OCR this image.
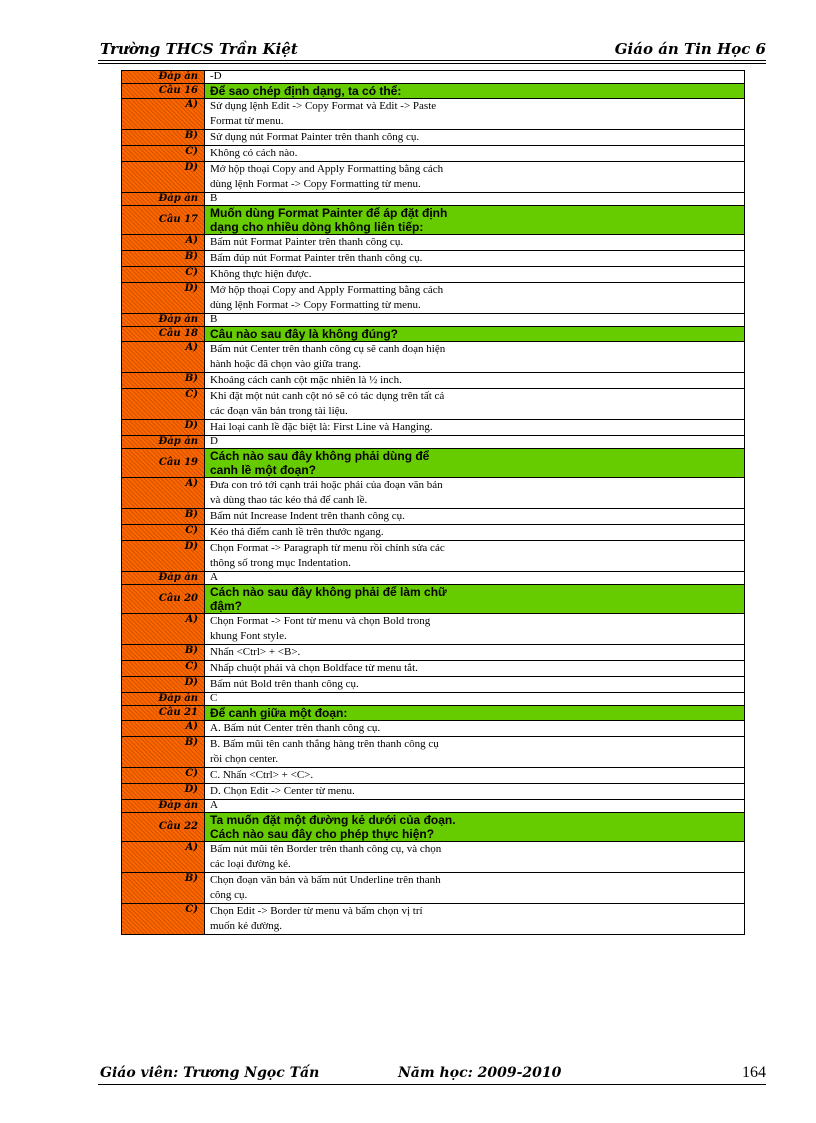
Trường THCS Trần Kiệt	Giáo án Tin Học 6
Đáp án	-D
Câu 16	Để sao chép định dạng, ta có thể:

A)	Sử dụng lệnh Edit -> Copy Format và Edit -> Paste Format từ menu.

B)	Sử dụng nút Format Painter trên thanh công cụ.

C)	Không có cách nào.

D)	Mở hộp thoại Copy and Apply Formatting bằng cách dùng lệnh Format -> Copy Formatting từ menu.

Đáp án	B
Câu 17	Muốn dùng Format Painter để áp đặt định dạng cho nhiều dòng không liên tiếp:

A)	Bấm nút Format Painter trên thanh công cụ.

B)	Bấm đúp nút Format Painter trên thanh công cụ.

C)	Không thực hiện được.

D)	Mở hộp thoại Copy and Apply Formatting bằng cách dùng lệnh Format -> Copy Formatting từ menu.

Đáp án	B
Câu 18	Câu nào sau đây là không đúng?

A)	Bấm nút Center trên thanh công cụ sẽ canh đoạn hiện hành hoặc đã chọn vào giữa trang.

B)	Khoảng cách canh cột mặc nhiên là ½ inch.

C)	Khi đặt một nút canh cột nó sẽ có tác dụng trên tất cả các đoạn văn bản trong tài liệu.

D)	Hai loại canh lề đặc biệt là: First Line và Hanging.

Đáp án	D
Câu 19	Cách nào sau đây không phải dùng để canh lề một đoạn?

A)	Đưa con trỏ tới cạnh trái hoặc phải của đoạn văn bản và dùng thao tác kéo thả để canh lề.

B)	Bấm nút Increase Indent trên thanh công cụ.

C)	Kéo thả điểm canh lề trên thước ngang.

D)	Chọn Format -> Paragraph từ menu rồi chỉnh sửa các thông số trong mục Indentation.

Đáp án	A
Câu 20	Cách nào sau đây không phải để làm chữ đậm?

A)	Chọn Format -> Font từ menu và chọn Bold trong khung Font style.

B)	Nhấn <Ctrl> + <B>.

C)	Nhấp chuột phải và chọn Boldface từ menu tắt.

D)	Bấm nút Bold trên thanh công cụ.

Đáp án	C
Câu 21	Để canh giữa một đoạn:

A)	A. Bấm nút Center trên thanh công cụ.

B)	B. Bấm mũi tên canh thẳng hàng trên thanh công cụ rồi chọn center.

C)	C. Nhấn <Ctrl> + <C>.

D)	D. Chọn Edit -> Center từ menu.

Đáp án	A
Câu 22	Ta muốn đặt một đường kẻ dưới của đoạn. Cách nào sau đây cho phép thực hiện?

A)	Bấm nút mũi tên Border trên thanh công cụ, và chọn các loại đường kẻ.

B)	Chọn đoạn văn bản và bấm nút Underline trên thanh công cụ.

C)	Chọn Edit -> Border từ menu và bấm chọn vị trí muốn kẻ đường.
Giáo viên: Trương Ngọc Tấn	Năm học: 2009-2010	164
